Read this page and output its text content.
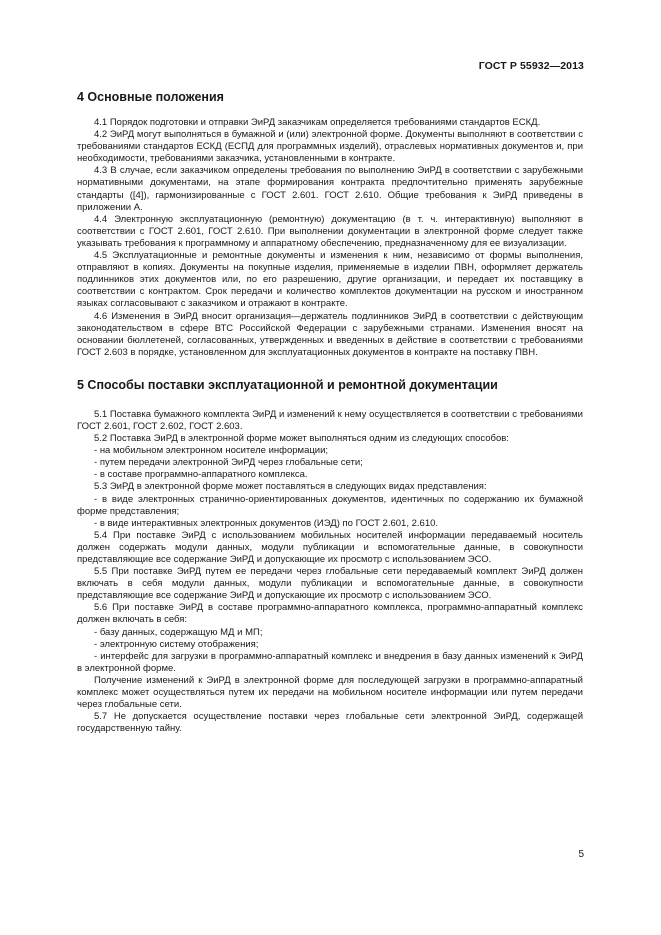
ГОСТ Р 55932—2013
4 Основные положения

4.1 Порядок подготовки и отправки ЭиРД заказчикам определяется требованиями стандартов ЕСКД.

4.2 ЭиРД могут выполняться в бумажной и (или) электронной форме. Документы выполняют в соответствии с требованиями стандартов ЕСКД (ЕСПД для программных изделий), отраслевых нормативных документов и, при необходимости, требованиями заказчика, установленными в контракте.

4.3 В случае, если заказчиком определены требования по выполнению ЭиРД в соответствии с зарубежными нормативными документами, на этапе формирования контракта предпочтительно применять зарубежные стандарты ([4]), гармонизированные с ГОСТ 2.601. ГОСТ 2.610. Общие требования к ЭиРД приведены в приложении А.

4.4 Электронную эксплуатационную (ремонтную) документацию (в т. ч. интерактивную) выполняют в соответствии с ГОСТ 2.601, ГОСТ 2.610. При выполнении документации в электронной форме следует также указывать требования к программному и аппаратному обеспечению, предназначенному для ее визуализации.

4.5 Эксплуатационные и ремонтные документы и изменения к ним, независимо от формы выполнения, отправляют в копиях. Документы на покупные изделия, применяемые в изделии ПВН, оформляет держатель подлинников этих документов или, по его разрешению, другие организации, и передает их поставщику в соответствии с контрактом. Срок передачи и количество комплектов документации на русском и иностранном языках согласовывают с заказчиком и отражают в контракте.

4.6 Изменения в ЭиРД вносит организация—держатель подлинников ЭиРД в соответствии с действующим законодательством в сфере ВТС Российской Федерации с зарубежными странами. Изменения вносят на основании бюллетеней, согласованных, утвержденных и введенных в действие в соответствии с требованиями ГОСТ 2.603 в порядке, установленном для эксплуатационных документов в контракте на поставку ПВН.

5 Способы поставки эксплуатационной и ремонтной документации

5.1 Поставка бумажного комплекта ЭиРД и изменений к нему осуществляется в соответствии с требованиями ГОСТ 2.601, ГОСТ 2.602, ГОСТ 2.603.

5.2 Поставка ЭиРД в электронной форме может выполняться одним из следующих способов:

- на мобильном электронном носителе информации;

- путем передачи электронной ЭиРД через глобальные сети;

- в составе программно-аппаратного комплекса.

5.3 ЭиРД в электронной форме может поставляться в следующих видах представления:

- в виде электронных странично-ориентированных документов, идентичных по содержанию их бумажной форме представления;

- в виде интерактивных электронных документов (ИЭД) по ГОСТ 2.601, 2.610.

5.4 При поставке ЭиРД с использованием мобильных носителей информации передаваемый носитель должен содержать модули данных, модули публикации и вспомогательные данные, в совокупности представляющие все содержание ЭиРД и допускающие их просмотр с использованием ЭСО.

5.5 При поставке ЭиРД путем ее передачи через глобальные сети передаваемый комплект ЭиРД должен включать в себя модули данных, модули публикации и вспомогательные данные, в совокупности представляющие все содержание ЭиРД и допускающие их просмотр с использованием ЭСО.

5.6 При поставке ЭиРД в составе программно-аппаратного комплекса, программно-аппаратный комплекс должен включать в себя:

- базу данных, содержащую МД и МП;

- электронную систему отображения;

- интерфейс для загрузки в программно-аппаратный комплекс и внедрения в базу данных изменений к ЭиРД в электронной форме.

Получение изменений к ЭиРД в электронной форме для последующей загрузки в программно-аппаратный комплекс может осуществляться путем их передачи на мобильном носителе информации или путем передачи через глобальные сети.

5.7 Не допускается осуществление поставки через глобальные сети электронной ЭиРД, содержащей государственную тайну.

5
